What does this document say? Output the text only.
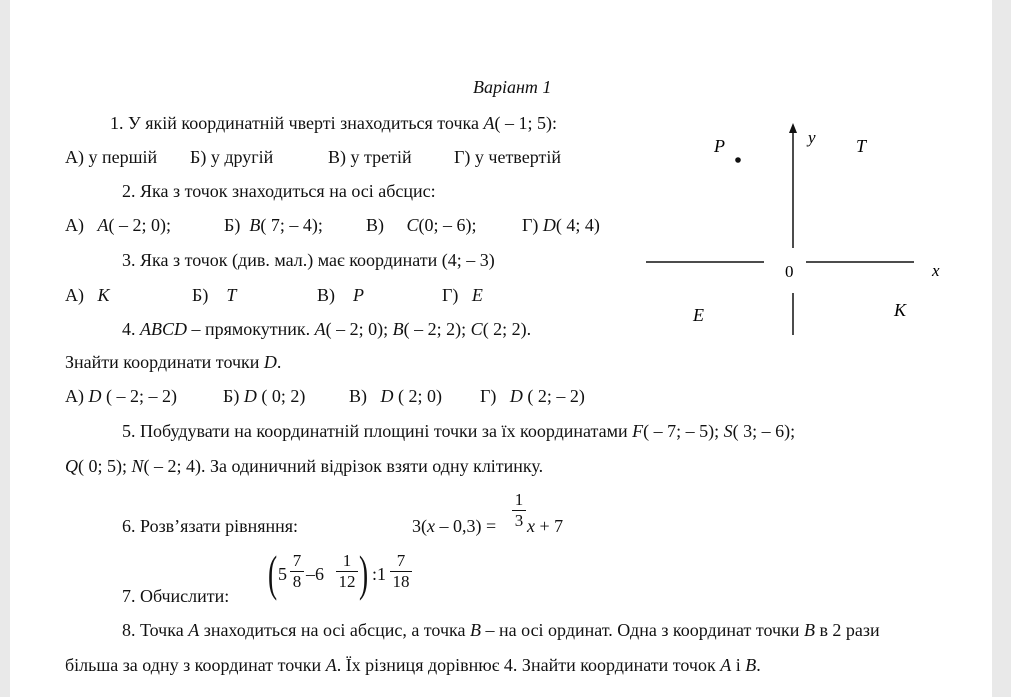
Варіант 1
1. У якій координатній чверті знаходиться точка A( – 1; 5):
А) у першій Б) у другій	В) у третій Г) у четвертій
2. Яка з точок знаходиться на осі абсцис:
А) A( – 2; 0);	Б) B( 7; – 4); В) C(0; – 6);	Г) D( 4; 4)
3. Яка з точок (див. мал.) має координати (4; – 3)
А) K	Б) T	В) P	Г) E
4. ABCD – прямокутник. A( – 2; 0); B( – 2; 2); C( 2; 2).
Знайти координати точки D.
А) D ( – 2; – 2)	Б) D ( 0; 2) В) D ( 2; 0) Г) D ( 2; – 2)
5. Побудувати на координатній площині точки за їх координатами F( – 7; – 5); S( 3; – 6);
Q( 0; 5); N( – 2; 4). За одиничний відрізок взяти одну клітинку.
6. Розв’язати рівняння:	$3(x - 0,3) = \frac{1}{3}$ x + 7
7. Обчислити: ( $5 \frac{7}{8} -6 \frac{1}{12}$ ) :1 $\frac{7}{18}$
8. Точка A знаходиться на осі абсцис, а точка B – на осі ординат. Одна з координат точки B в 2 рази
більша за одну з координат точки A. Їх різниця дорівнює 4. Знайти координати точок A і B.
P	T
y
x
0
E	K
